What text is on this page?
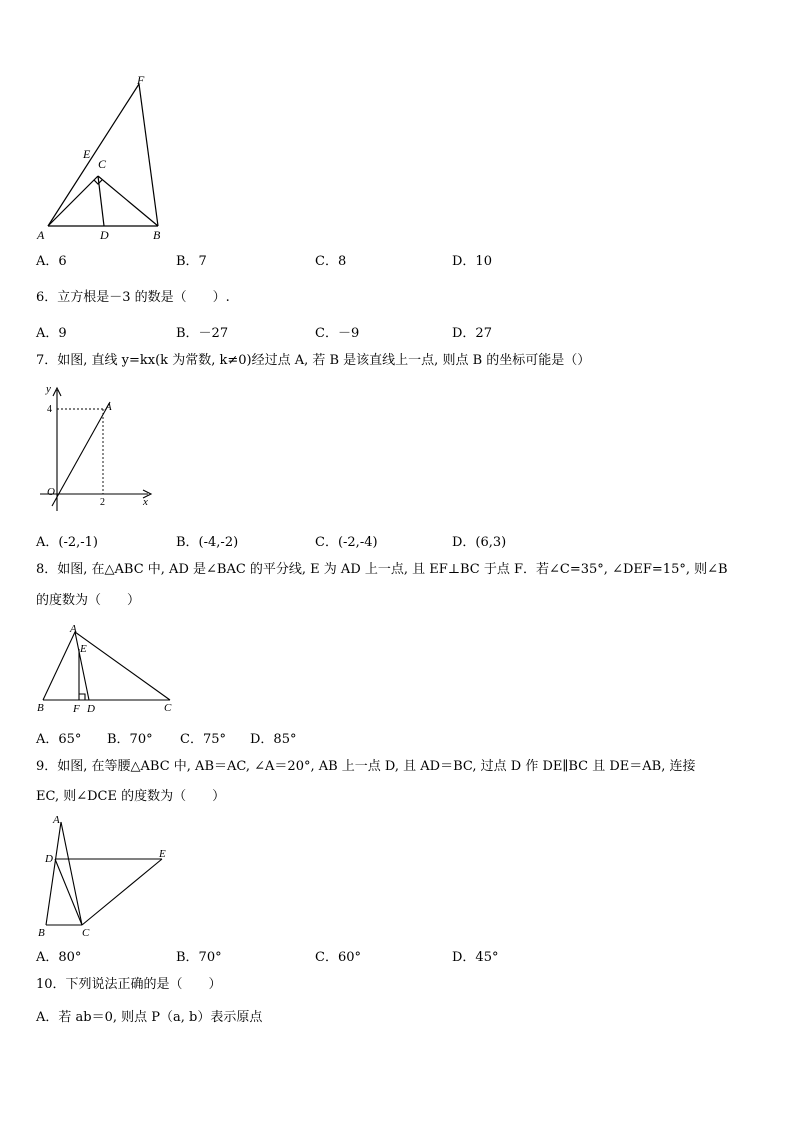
F
E
C
A	D	B
A．6	B．7	C．8	D．10
6．立方根是－3 的数是（　　）.
A．9	B．－27	C．－9	D．27
7．如图, 直线 y=kx(k 为常数, k≠0)经过点 A, 若 B 是该直线上一点, 则点 B 的坐标可能是（）
y
A
4
O
2	x
A．(-2,-1)	B．(-4,-2)	C．(-2,-4)	D．(6,3)
8．如图, 在△ABC 中, AD 是∠BAC 的平分线, E 为 AD 上一点, 且 EF⊥BC 于点 F．若∠C=35°, ∠DEF=15°, 则∠B
的度数为（　　）
A
E
B	F D	C
A．65° B．70° C．75° D．85°
9．如图, 在等腰△ABC 中, AB＝AC, ∠A＝20°, AB 上一点 D, 且 AD＝BC, 过点 D 作 DE∥BC 且 DE＝AB, 连接
EC, 则∠DCE 的度数为（　　）
A
D	E
B	C
A．80°	B．70°	C．60°	D．45°
10．下列说法正确的是（　　）
A．若 ab＝0, 则点 P（a, b）表示原点
